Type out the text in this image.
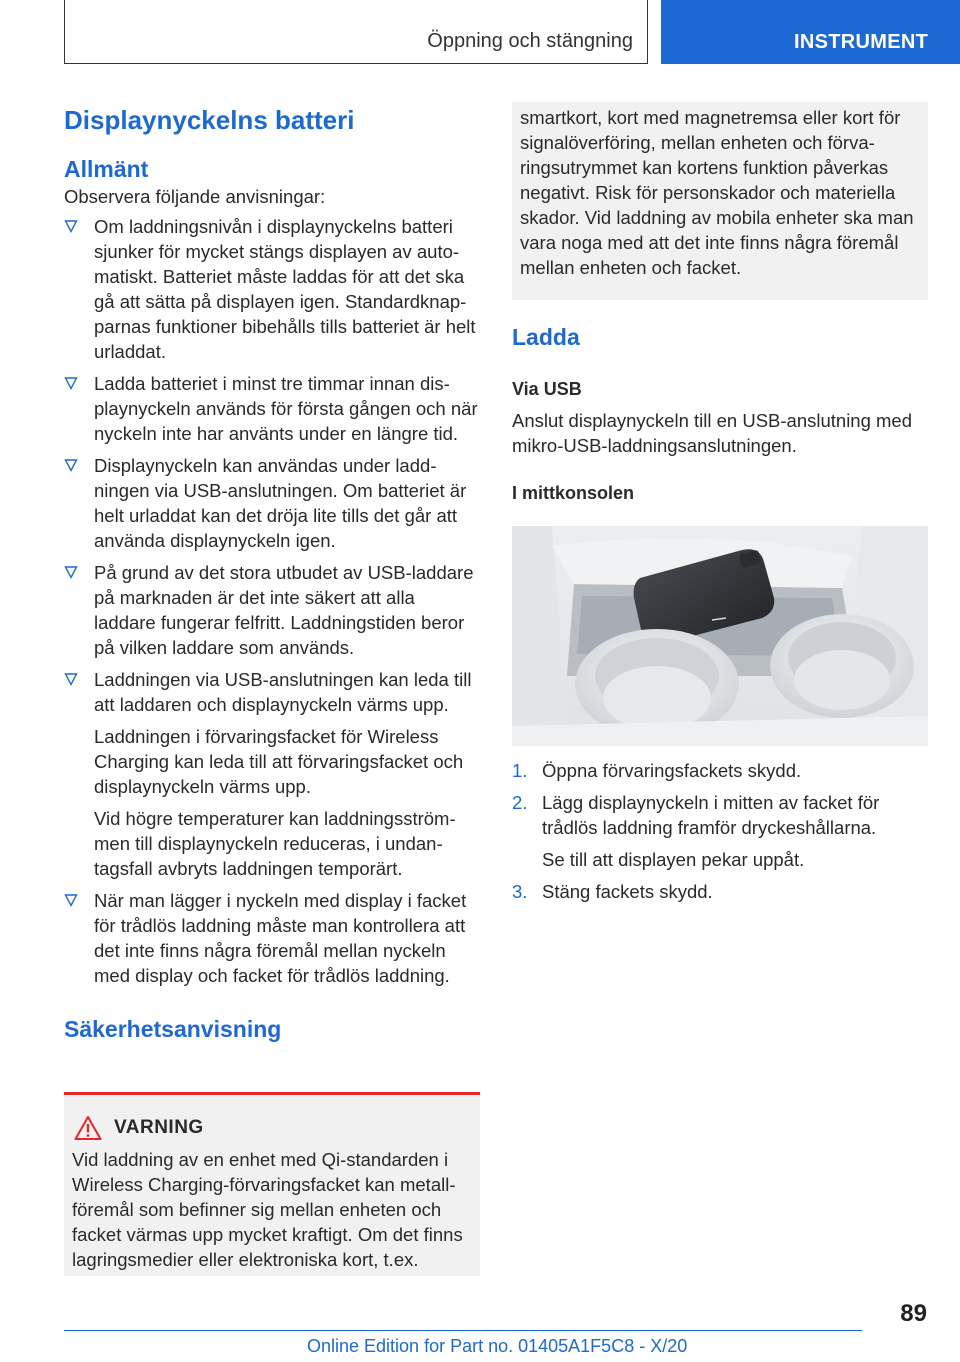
Öppning och stängning	INSTRUMENT
Displaynyckelns batteri
Allmänt
Observera följande anvisningar:
Om laddningsnivån i displaynyckelns batteri sjunker för mycket stängs displayen av automatiskt. Batteriet måste laddas för att det ska gå att sätta på displayen igen. Standardknapparnas funktioner bibehålls tills batteriet är helt urladdat.
Ladda batteriet i minst tre timmar innan displaynyckeln används för första gången och när nyckeln inte har använts under en längre tid.
Displaynyckeln kan användas under laddningen via USB-anslutningen. Om batteriet är helt urladdat kan det dröja lite tills det går att använda displaynyckeln igen.
På grund av det stora utbudet av USB-laddare på marknaden är det inte säkert att alla laddare fungerar felfritt. Laddningstiden beror på vilken laddare som används.
Laddningen via USB-anslutningen kan leda till att laddaren och displaynyckeln värms upp.
Laddningen i förvaringsfacket för Wireless Charging kan leda till att förvaringsfacket och displaynyckeln värms upp.
Vid högre temperaturer kan laddningsströmmen till displaynyckeln reduceras, i undantagsfall avbryts laddningen temporärt.
När man lägger i nyckeln med display i facket för trådlös laddning måste man kontrollera att det inte finns några föremål mellan nyckeln med display och facket för trådlös laddning.
Säkerhetsanvisning
VARNING
Vid laddning av en enhet med Qi-standarden i Wireless Charging-förvaringsfacket kan metallföremål som befinner sig mellan enheten och facket värmas upp mycket kraftigt. Om det finns lagringsmedier eller elektroniska kort, t.ex.
smartkort, kort med magnetremsa eller kort för signalöverföring, mellan enheten och förvaringsutrymmet kan kortens funktion påverkas negativt. Risk för personskador och materiella skador. Vid laddning av mobila enheter ska man vara noga med att det inte finns några föremål mellan enheten och facket.
Ladda
Via USB
Anslut displaynyckeln till en USB-anslutning med mikro-USB-laddningsanslutningen.
I mittkonsolen
1. Öppna förvaringsfackets skydd.
2. Lägg displaynyckeln i mitten av facket för trådlös laddning framför dryckeshållarna.
Se till att displayen pekar uppåt.
3. Stäng fackets skydd.
89
Online Edition for Part no. 01405A1F5C8 - X/20
